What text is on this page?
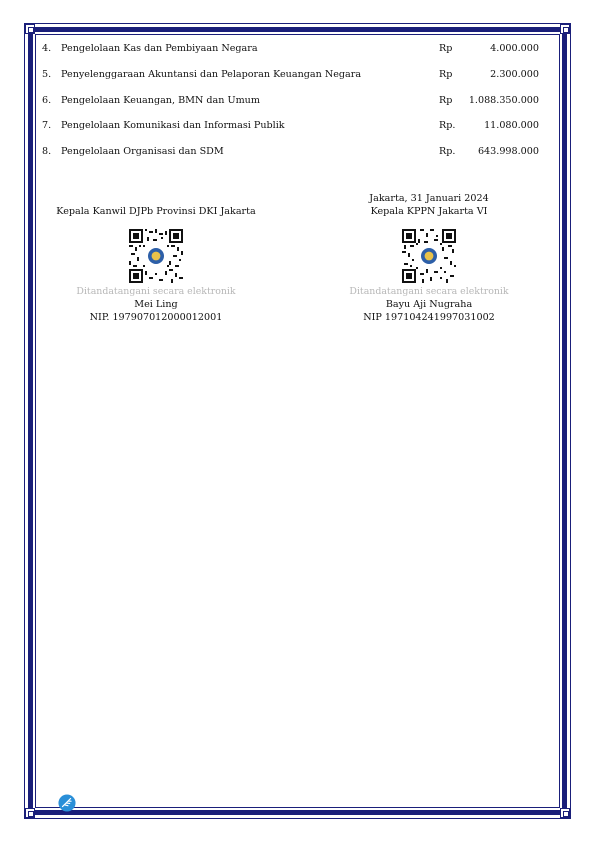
4. Pengelolaan Kas dan Pembiyaan Negara	Rp	4.000.000
5. Penyelenggaraan Akuntansi dan Pelaporan Keuangan Negara	Rp	2.300.000
6. Pengelolaan Keuangan, BMN dan Umum	Rp 1.088.350.000
7. Pengelolaan Komunikasi dan Informasi Publik	Rp.	11.080.000
8. Pengelolaan Organisasi dan SDM	Rp. 643.998.000
Kepala Kanwil DJPb Provinsi DKI Jakarta
Ditandatangani secara elektronik
Mei Ling
NIP. 197907012000012001
Jakarta, 31 Januari 2024
Kepala KPPN Jakarta VI
Ditandatangani secara elektronik
Bayu Aji Nugraha
NIP 197104241997031002
